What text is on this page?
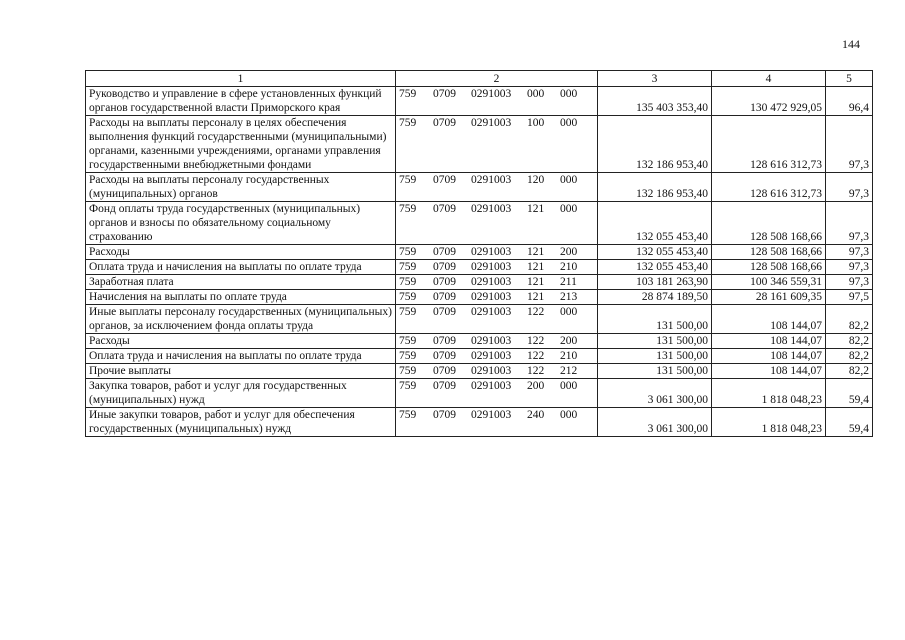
144
1	2	3	4	5
Руководство и управление в сфере установленных функций органов государственной власти Приморского края	759 0709 0291003 000 000	135 403 353,40	130 472 929,05	96,4
Расходы на выплаты персоналу в целях обеспечения выполнения функций государственными (муниципальными) органами, казенными учреждениями, органами управления государственными внебюджетными фондами	759 0709 0291003 100 000	132 186 953,40	128 616 312,73	97,3
Расходы на выплаты персоналу государственных (муниципальных) органов	759 0709 0291003 120 000	132 186 953,40	128 616 312,73	97,3
Фонд оплаты труда государственных (муниципальных) органов и взносы по обязательному социальному страхованию	759 0709 0291003 121 000	132 055 453,40	128 508 168,66	97,3
Расходы	759 0709 0291003 121 200	132 055 453,40	128 508 168,66	97,3
Оплата труда и начисления на выплаты по оплате труда	759 0709 0291003 121 210	132 055 453,40	128 508 168,66	97,3
Заработная плата	759 0709 0291003 121 211	103 181 263,90	100 346 559,31	97,3
Начисления на выплаты по оплате труда	759 0709 0291003 121 213	28 874 189,50	28 161 609,35	97,5
Иные выплаты персоналу государственных (муниципальных) органов, за исключением фонда оплаты труда	759 0709 0291003 122 000	131 500,00	108 144,07	82,2
Расходы	759 0709 0291003 122 200	131 500,00	108 144,07	82,2
Оплата труда и начисления на выплаты по оплате труда	759 0709 0291003 122 210	131 500,00	108 144,07	82,2
Прочие выплаты	759 0709 0291003 122 212	131 500,00	108 144,07	82,2
Закупка товаров, работ и услуг для государственных (муниципальных) нужд	759 0709 0291003 200 000	3 061 300,00	1 818 048,23	59,4
Иные закупки товаров, работ и услуг для обеспечения государственных (муниципальных) нужд	759 0709 0291003 240 000	3 061 300,00	1 818 048,23	59,4
